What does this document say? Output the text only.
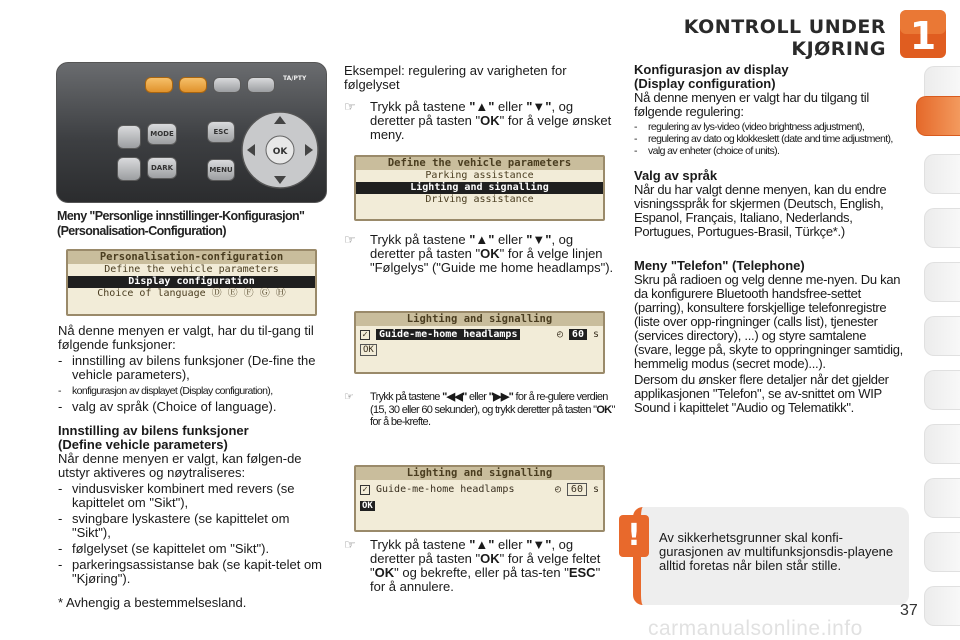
KONTROLL UNDER KJØRING 1
TA/PTY
MODE
DARK
ESC
MENU
OK
Meny "Personlige innstillinger-Konfigurasjon"
(Personalisation-Configuration)
Personalisation-configuration
Define the vehicle parameters
Display configuration
Choice of language Ⓓ Ⓔ Ⓕ Ⓖ Ⓗ
Nå denne menyen er valgt, har du til-gang til følgende funksjoner:
- innstilling av bilens funksjoner (De-fine the vehicle parameters),
-	konfigurasjon av displayet (Display configuration),
- valg av språk (Choice of language).
Innstilling av bilens funksjoner
(Define vehicle parameters)
Når denne menyen er valgt, kan følgen-de utstyr aktiveres og nøytraliseres:
- vindusvisker kombinert med revers (se kapittelet om "Sikt"),
- svingbare lyskastere (se kapittelet om "Sikt"),
- følgelyset (se kapittelet om "Sikt").
- parkeringsassistanse bak (se kapit-telet om "Kjøring").
* Avhengig a bestemmelsesland.
Eksempel: regulering av varigheten for følgelyset
☞	Trykk på tastene "▲" eller "▼", og deretter på tasten "OK" for å velge ønsket meny.
Define the vehicle parameters
Parking assistance
Lighting and signalling
Driving assistance
☞	Trykk på tastene "▲" eller "▼", og deretter på tasten "OK" for å velge linjen "Følgelys" ("Guide me home headlamps").
Lighting and signalling
✓	Guide-me-home headlamps	◴ 60 s
OK
☞	Trykk på tastene "◀◀" eller "▶▶" for å re-gulere verdien (15, 30 eller 60 sekunder), og trykk deretter på tasten "OK" for å be-krefte.
Lighting and signalling
✓ Guide-me-home headlamps	◴	60	s
OK
☞	Trykk på tastene "▲" eller "▼", og deretter på tasten "OK" for å velge feltet "OK" og bekrefte, eller på tas-ten "ESC" for å annulere.
Konfigurasjon av display
(Display configuration)
Nå denne menyen er valgt har du tilgang til følgende regulering:
-	regulering av lys-video (video brightness adjustment),
-	regulering av dato og klokkeslett (date and time adjustment),
-	valg av enheter (choice of units).
Valg av språk
Når du har valgt denne menyen, kan du endre visningsspråk for skjermen (Deutsch, English, Espanol, Français, Italiano, Nederlands, Portugues, Portugues-Brasil, Türkçe*.)
Meny "Telefon" (Telephone)
Skru på radioen og velg denne me-nyen. Du kan da konfigurere Bluetooth handsfree-settet (parring), konsultere forskjellige telefonregistre (liste over opp-ringninger (calls list), tjenester (services directory), ...) og styre samtalene (svare, legge på, skyte to oppringninger samtidig, hemmelig modus (secret mode)...).
Dersom du ønsker flere detaljer når det gjelder applikasjonen "Telefon", se av-snittet om WIP Sound i kapittelet "Audio og Telematikk".
Av sikkerhetsgrunner skal konfi-gurasjonen av multifunksjonsdis-playene alltid foretas når bilen står stille.
!
37
carmanualsonline.info
